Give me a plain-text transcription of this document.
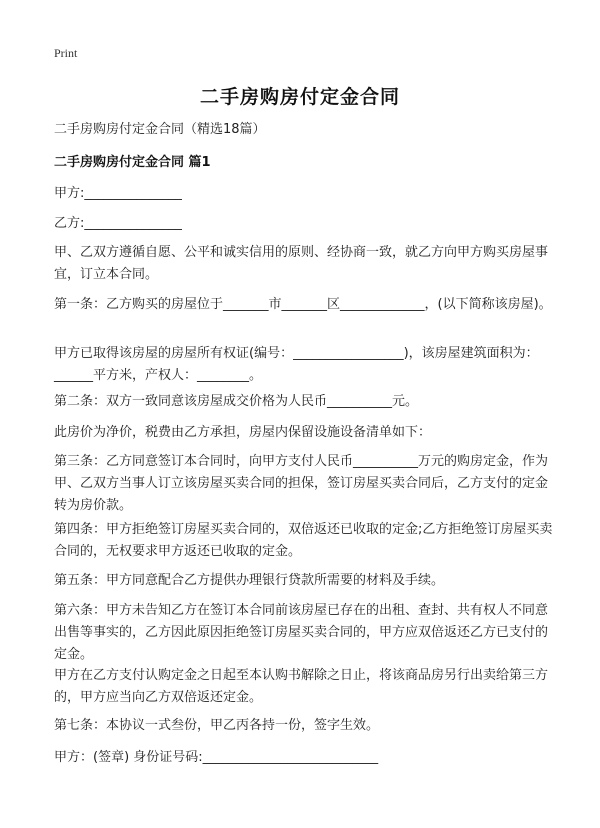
Print
二手房购房付定金合同

二手房购房付定金合同（精选18篇）

二手房购房付定金合同 篇1

甲方:_______________

乙方:_______________

甲、乙双方遵循自愿、公平和诚实信用的原则、经协商一致，就乙方向甲方购买房屋事宜，订立本合同。

第一条：乙方购买的房屋位于_______市_______区_____________，(以下简称该房屋)。

甲方已取得该房屋的房屋所有权证(编号：_________________)，该房屋建筑面积为：______平方米，产权人：________。

第二条：双方一致同意该房屋成交价格为人民币__________元。

此房价为净价，税费由乙方承担，房屋内保留设施设备清单如下：

第三条：乙方同意签订本合同时，向甲方支付人民币__________万元的购房定金，作为甲、乙双方当事人订立该房屋买卖合同的担保，签订房屋买卖合同后，乙方支付的定金转为房价款。

第四条：甲方拒绝签订房屋买卖合同的，双倍返还已收取的定金;乙方拒绝签订房屋买卖合同的，无权要求甲方返还已收取的定金。

第五条：甲方同意配合乙方提供办理银行贷款所需要的材料及手续。

第六条：甲方未告知乙方在签订本合同前该房屋已存在的出租、查封、共有权人不同意出售等事实的，乙方因此原因拒绝签订房屋买卖合同的，甲方应双倍返还乙方已支付的定金。

甲方在乙方支付认购定金之日起至本认购书解除之日止，将该商品房另行出卖给第三方的，甲方应当向乙方双倍返还定金。

第七条：本协议一式叁份，甲乙丙各持一份，签字生效。

甲方：(签章) 身份证号码:___________________________
